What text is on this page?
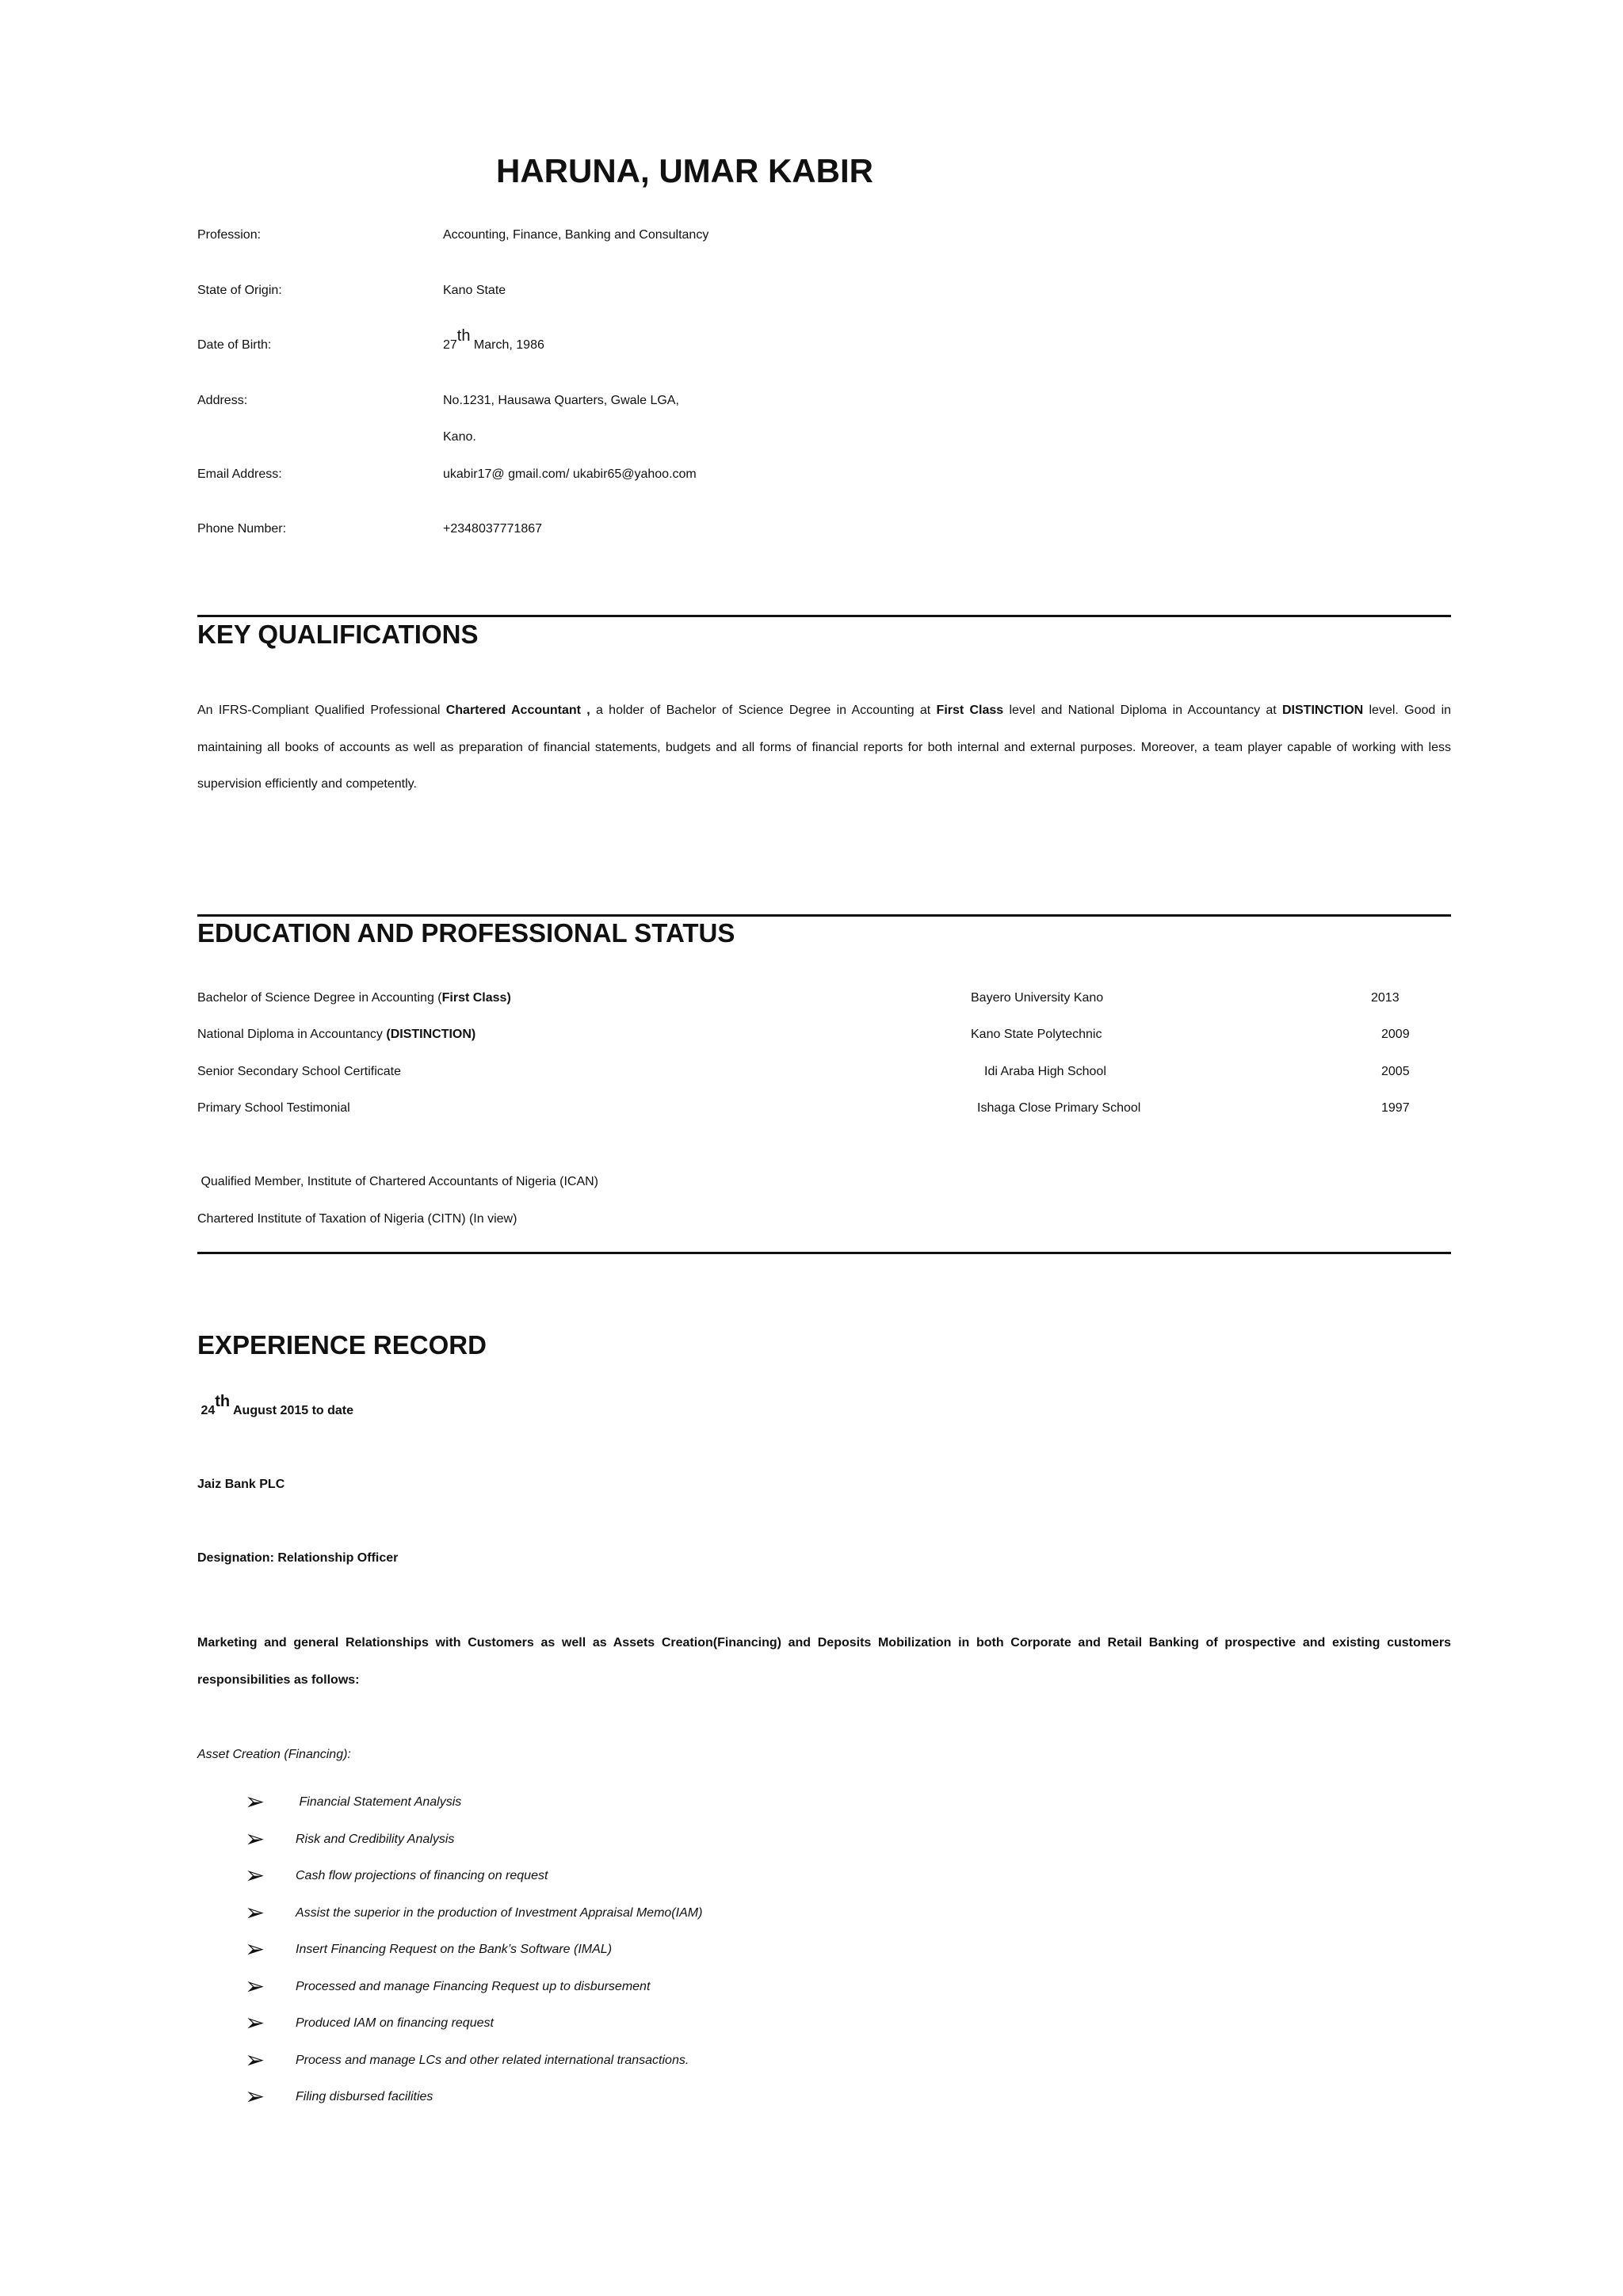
HARUNA, UMAR KABIR
Profession:	Accounting, Finance, Banking and Consultancy
State of Origin:	Kano State
Date of Birth:	27th March, 1986
Address:	No.1231, Hausawa Quarters, Gwale LGA,
Kano.
Email Address:	ukabir17@ gmail.com/ ukabir65@yahoo.com
Phone Number:	+2348037771867
KEY QUALIFICATIONS
An IFRS-Compliant Qualified Professional Chartered Accountant , a holder of Bachelor of Science Degree in Accounting at First Class level and National Diploma in Accountancy at DISTINCTION level. Good in maintaining all books of accounts as well as preparation of financial statements, budgets and all forms of financial reports for both internal and external purposes. Moreover, a team player capable of working with less supervision efficiently and competently.
EDUCATION AND PROFESSIONAL STATUS
Bachelor of Science Degree in Accounting (First Class)	Bayero University Kano	2013
National Diploma in Accountancy (DISTINCTION)	Kano State Polytechnic	2009
Senior Secondary School Certificate	Idi Araba High School	2005
Primary School Testimonial	Ishaga Close Primary School	1997
Qualified Member, Institute of Chartered Accountants of Nigeria (ICAN)
Chartered Institute of Taxation of Nigeria (CITN) (In view)
EXPERIENCE RECORD
24th August 2015 to date
Jaiz Bank PLC
Designation: Relationship Officer
Marketing and general Relationships with Customers as well as Assets Creation(Financing) and Deposits Mobilization in both Corporate and Retail Banking of prospective and existing customers responsibilities as follows:
Asset Creation (Financing):
➢ Financial Statement Analysis
➢ Risk and Credibility Analysis
➢ Cash flow projections of financing on request
➢ Assist the superior in the production of Investment Appraisal Memo(IAM)
➢ Insert Financing Request on the Bank’s Software (IMAL)
➢ Processed and manage Financing Request up to disbursement
➢ Produced IAM on financing request
➢ Process and manage LCs and other related international transactions.
➢ Filing disbursed facilities
